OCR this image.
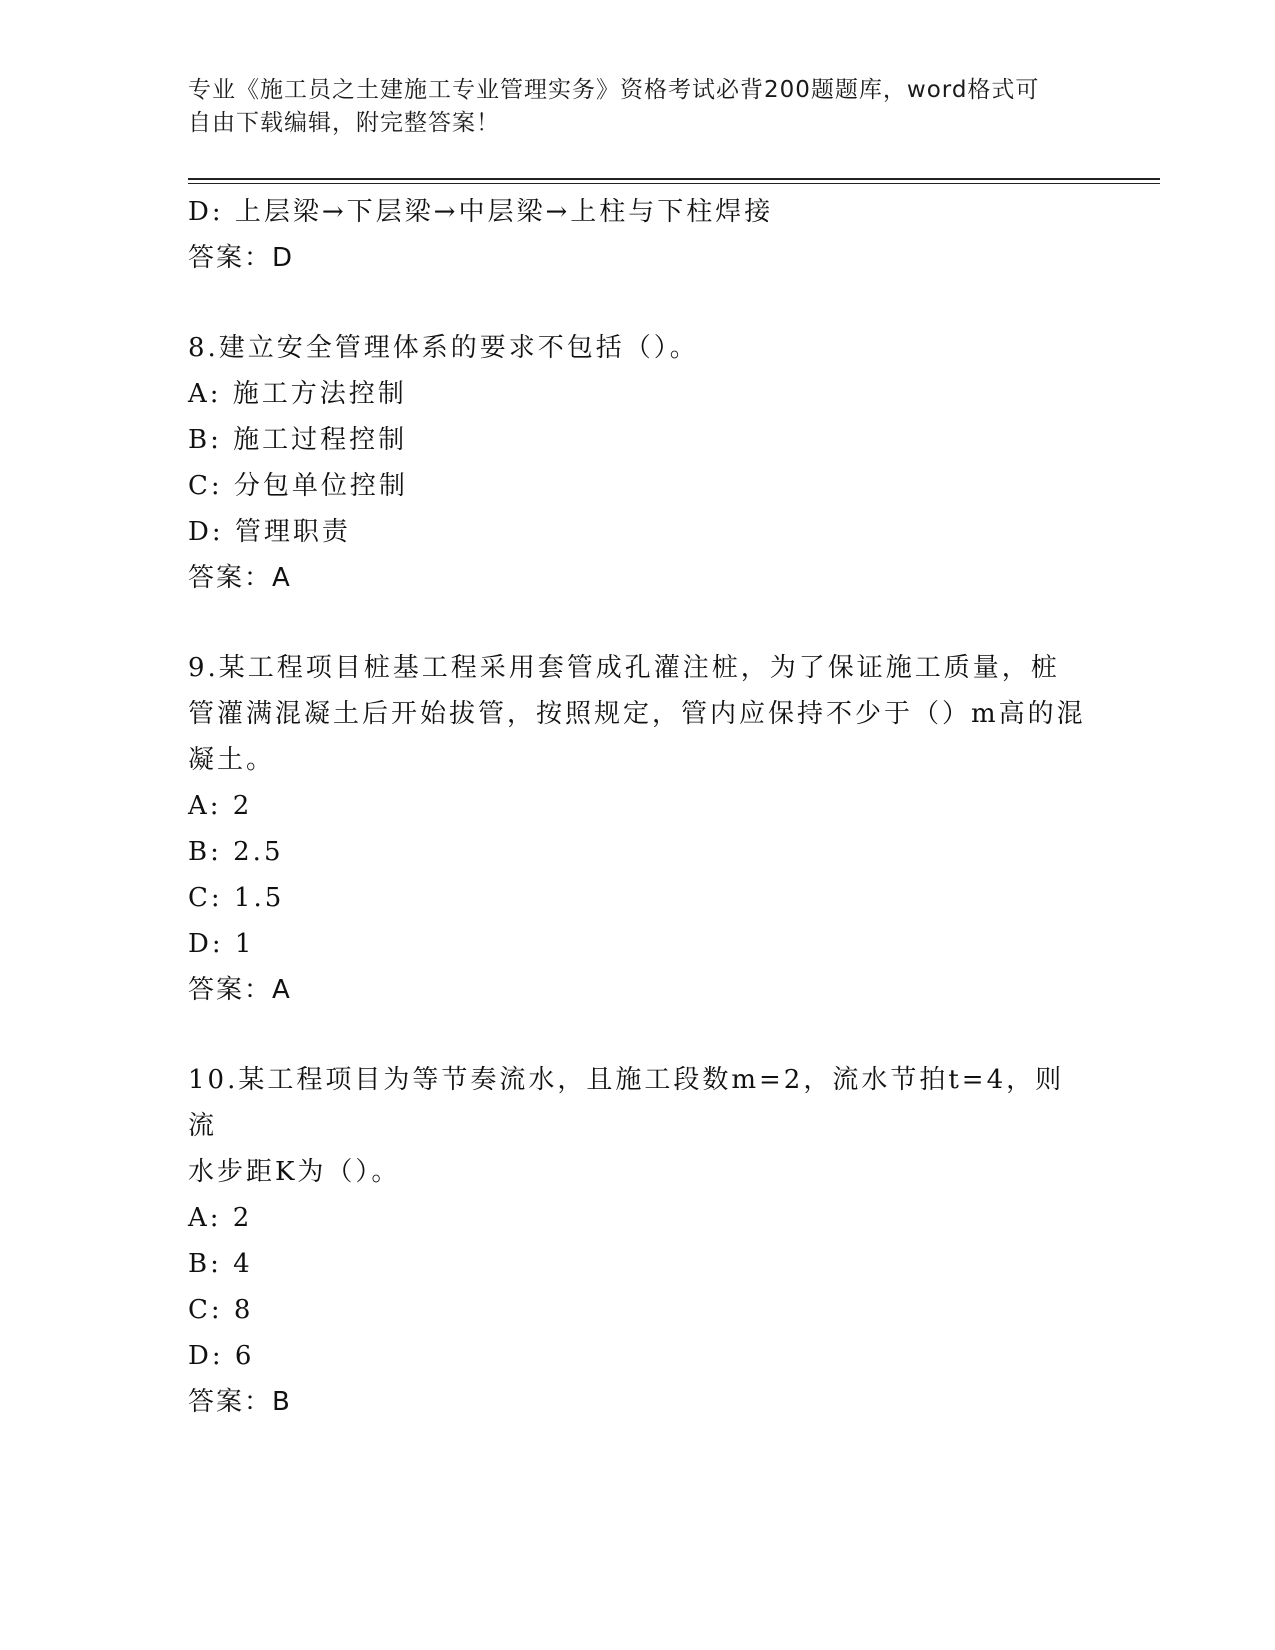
专业《施工员之土建施工专业管理实务》资格考试必背200题题库，word格式可
自由下载编辑，附完整答案！
D: 上层梁→下层梁→中层梁→上柱与下柱焊接
答案：D
8.建立安全管理体系的要求不包括（）。
A: 施工方法控制
B: 施工过程控制
C: 分包单位控制
D: 管理职责
答案：A
9.某工程项目桩基工程采用套管成孔灌注桩，为了保证施工质量，桩
管灌满混凝土后开始拔管，按照规定，管内应保持不少于（）m高的混
凝土。
A: 2
B: 2.5
C: 1.5
D: 1
答案：A
10.某工程项目为等节奏流水，且施工段数m=2，流水节拍t=4，则流
水步距K为（）。
A: 2
B: 4
C: 8
D: 6
答案：B
